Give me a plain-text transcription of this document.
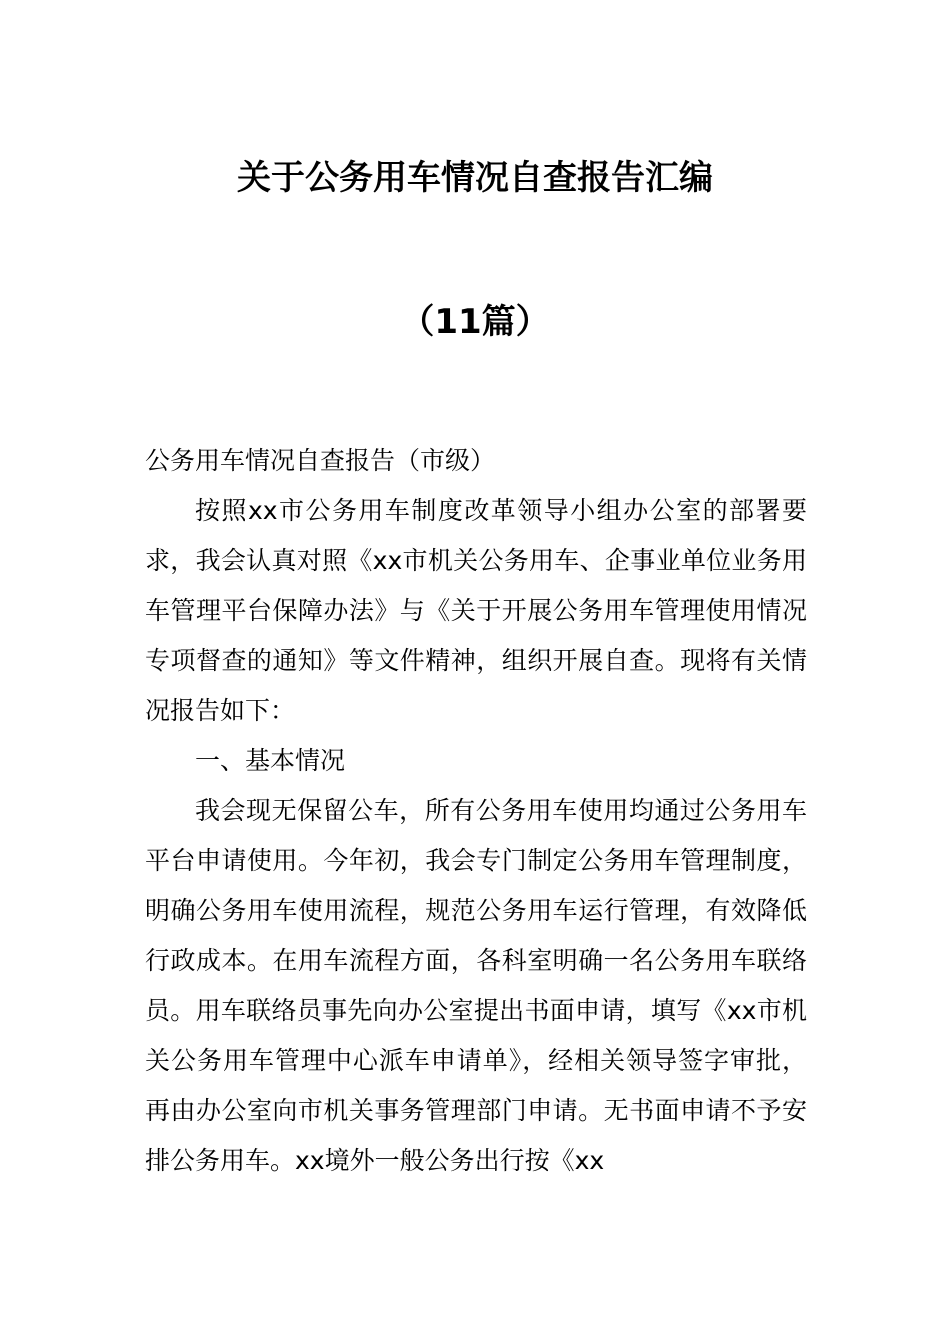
关于公务用车情况自查报告汇编
（11篇）

公务用车情况自查报告（市级）

按照xx市公务用车制度改革领导小组办公室的部署要求，我会认真对照《xx市机关公务用车、企事业单位业务用车管理平台保障办法》与《关于开展公务用车管理使用情况专项督查的通知》等文件精神，组织开展自查。现将有关情况报告如下：

一、基本情况

我会现无保留公车，所有公务用车使用均通过公务用车平台申请使用。今年初，我会专门制定公务用车管理制度，明确公务用车使用流程，规范公务用车运行管理，有效降低行政成本。在用车流程方面，各科室明确一名公务用车联络员。用车联络员事先向办公室提出书面申请，填写《xx市机关公务用车管理中心派车申请单》，经相关领导签字审批，再由办公室向市机关事务管理部门申请。无书面申请不予安排公务用车。xx境外一般公务出行按《xx
